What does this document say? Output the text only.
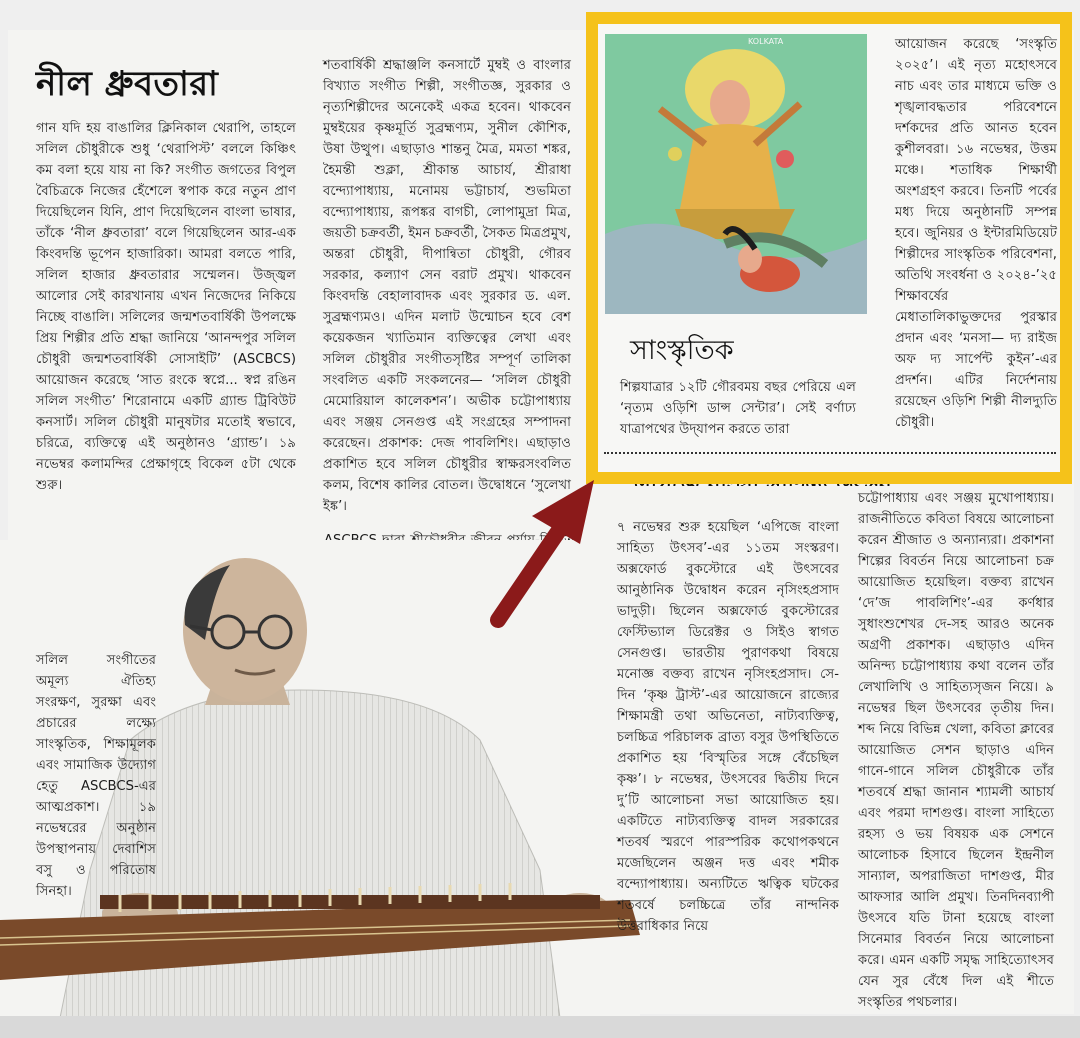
নীল ধ্রুবতারা

গান যদি হয় বাঙালির ক্লিনিকাল থেরাপি, তাহলে সলিল চৌধুরীকে শুধু ‘থেরাপিস্ট’ বললে কিঞ্চিৎ কম বলা হয়ে যায় না কি? সংগীত জগতের বিপুল বৈচিত্রকে নিজের হেঁশেলে স্বপাক করে নতুন প্রাণ দিয়েছিলেন যিনি, প্রাণ দিয়েছিলেন বাংলা ভাষার, তাঁকে ‘নীল ধ্রুবতারা’ বলে গিয়েছিলেন আর-এক কিংবদন্তি ভূপেন হাজারিকা। আমরা বলতে পারি, সলিল হাজার ধ্রুবতারার সম্মেলন। উজ্জ্বল আলোর সেই কারখানায় এখন নিজেদের নিকিয়ে নিচ্ছে বাঙালি। সলিলের জন্মশতবার্ষিকী উপলক্ষে প্রিয় শিল্পীর প্রতি শ্রদ্ধা জানিয়ে ‘আনন্দপুর সলিল চৌধুরী জন্মশতবার্ষিকী সোসাইটি’ (ASCBCS) আয়োজন করেছে ‘সাত রংকে স্বপ্নে... স্বপ্ন রঙিন সলিল সংগীত’ শিরোনামে একটি গ্র্যান্ড ট্রিবিউট কনসার্ট। সলিল চৌধুরী মানুষটার মতোই স্বভাবে, চরিত্রে, ব্যক্তিত্বে এই অনুষ্ঠানও ‘গ্র্যান্ড’। ১৯ নভেম্বর কলামন্দির প্রেক্ষাগৃহে বিকেল ৫টা থেকে শুরু।

শতবার্ষিকী শ্রদ্ধাঞ্জলি কনসার্টে মুম্বই ও বাংলার বিখ্যাত সংগীত শিল্পী, সংগীতজ্ঞ, সুরকার ও নৃত্যশিল্পীদের অনেকেই একত্র হবেন। থাকবেন মুম্বইয়ের কৃষ্ণমূর্তি সুব্রহ্মণ্যম, সুনীল কৌশিক, উষা উত্থুপ। এছাড়াও শান্তনু মৈত্র, মমতা শঙ্কর, হৈমন্তী শুক্লা, শ্রীকান্ত আচার্য, শ্রীরাধা বন্দ্যোপাধ্যায়, মনোময় ভট্টাচার্য, শুভমিতা বন্দ্যোপাধ্যায়, রূপঙ্কর বাগচী, লোপামুদ্রা মিত্র, জয়তী চক্রবর্তী, ইমন চক্রবর্তী, সৈকত মিত্রপ্রমুখ, অন্তরা চৌধুরী, দীপান্বিতা চৌধুরী, গৌরব সরকার, কল্যাণ সেন বরাট প্রমুখ। থাকবেন কিংবদন্তি বেহালাবাদক এবং সুরকার ড. এল. সুব্রহ্মণ্যমও। এদিন মলাট উন্মোচন হবে বেশ কয়েকজন খ্যাতিমান ব্যক্তিত্বের লেখা এবং সলিল চৌধুরীর সংগীতসৃষ্টির সম্পূর্ণ তালিকা সংবলিত একটি সংকলনের— ‘সলিল চৌধুরী মেমোরিয়াল কালেকশন’। অভীক চট্টোপাধ্যায় এবং সঞ্জয় সেনগুপ্ত এই সংগ্রহের সম্পাদনা করেছেন। প্রকাশক: দেজ পাবলিশিং। এছাড়াও প্রকাশিত হবে সলিল চৌধুরীর স্বাক্ষরসংবলিত কলম, বিশেষ কালির বোতল। উদ্বোধনে ‘সুলেখা ইঙ্ক’।

সলিল সংগীতের অমূল্য ঐতিহ্য সংরক্ষণ, সুরক্ষা এবং প্রচারের লক্ষ্যে সাংস্কৃতিক, শিক্ষামূলক এবং সামাজিক উদ্যোগ হেতু ASCBCS-এর আত্মপ্রকাশ। ১৯ নভেম্বরের অনুষ্ঠান উপস্থাপনায় দেবাশিস বসু ও পরিতোষ সিনহা।

৭ নভেম্বর শুরু হয়েছিল ‘এপিজে বাংলা সাহিত্য উৎসব’-এর ১১তম সংস্করণ। অক্সফোর্ড বুকস্টোরে এই উৎসবের আনুষ্ঠানিক উদ্বোধন করেন নৃসিংহপ্রসাদ ভাদুড়ী। ছিলেন অক্সফোর্ড বুকস্টোরের ফেস্টিভ্যাল ডিরেক্টর ও সিইও স্বাগত সেনগুপ্ত। ভারতীয় পুরাণকথা বিষয়ে মনোজ্ঞ বক্তব্য রাখেন নৃসিংহপ্রসাদ। সে-দিন ‘কৃষ্ণ ট্রাস্ট’-এর আয়োজনে রাজ্যের শিক্ষামন্ত্রী তথা অভিনেতা, নাট্যব্যক্তিত্ব, চলচ্চিত্র পরিচালক ব্রাত্য বসুর উপস্থিতিতে প্রকাশিত হয় ‘বিস্মৃতির সঙ্গে বেঁচেছিল কৃষ্ণ’। ৮ নভেম্বর, উৎসবের দ্বিতীয় দিনে দু’টি আলোচনা সভা আয়োজিত হয়। একটিতে নাট্যব্যক্তিত্ব বাদল সরকারের শতবর্ষ স্মরণে পারস্পরিক কথোপকথনে মজেছিলেন অঞ্জন দত্ত এবং শমীক বন্দ্যোপাধ্যায়। অন্যটিতে ঋত্বিক ঘটকের শতবর্ষে চলচ্চিত্রে তাঁর নান্দনিক উত্তরাধিকার নিয়ে

চট্টোপাধ্যায় এবং সঞ্জয় মুখোপাধ্যায়। রাজনীতিতে কবিতা বিষয়ে আলোচনা করেন শ্রীজাত ও অন্যান্যরা। প্রকাশনা শিল্পের বিবর্তন নিয়ে আলোচনা চক্র আয়োজিত হয়েছিল। বক্তব্য রাখেন ‘দে’জ পাবলিশিং’-এর কর্ণধার সুধাংশুশেখর দে-সহ আরও অনেক অগ্রণী প্রকাশক। এছাড়াও এদিন অনিন্দ্য চট্টোপাধ্যায় কথা বলেন তাঁর লেখালিখি ও সাহিত্যসৃজন নিয়ে। ৯ নভেম্বর ছিল উৎসবের তৃতীয় দিন। শব্দ নিয়ে বিভিন্ন খেলা, কবিতা ক্লাবের আয়োজিত সেশন ছাড়াও এদিন গানে-গানে সলিল চৌধুরীকে তাঁর শতবর্ষে শ্রদ্ধা জানান শ্যামলী আচার্য এবং পরমা দাশগুপ্ত। বাংলা সাহিত্যে রহস্য ও ভয় বিষয়ক এক সেশনে আলোচক হিসাবে ছিলেন ইন্দ্রনীল সান্যাল, অপরাজিতা দাশগুপ্ত, মীর আফসার আলি প্রমুখ। তিনদিনব্যাপী উৎসবে যতি টানা হয়েছে বাংলা সিনেমার বিবর্তন নিয়ে আলোচনা করে। এমন একটি সমৃদ্ধ সাহিত্যোৎসব যেন সুর বেঁধে দিল এই শীতে সংস্কৃতির পথচলার।

KOLKATA
সাংস্কৃতিক
শিল্পযাত্রার ১২টি গৌরবময় বছর পেরিয়ে এল ‘নৃত্যম ওড়িশি ডান্স সেন্টার’। সেই বর্ণাঢ্য যাত্রাপথের উদ্‌যাপন করতে তারা
আয়োজন করেছে ‘সংস্কৃতি ২০২৫’। এই নৃত্য মহোৎসবে নাচ এবং তার মাধ্যমে ভক্তি ও শৃঙ্খলাবদ্ধতার পরিবেশনে দর্শকদের প্রতি আনত হবেন কুশীলবরা। ১৬ নভেম্বর, উত্তম মঞ্চে। শতাধিক শিক্ষার্থী অংশগ্রহণ করবে। তিনটি পর্বের মধ্য দিয়ে অনুষ্ঠানটি সম্পন্ন হবে। জুনিয়র ও ইন্টারমিডিয়েট শিল্পীদের সাংস্কৃতিক পরিবেশনা, অতিথি সংবর্ধনা ও ২০২৪-’২৫ শিক্ষাবর্ষের মেধাতালিকাভুক্তদের পুরস্কার প্রদান এবং ‘মনসা— দ্য রাইজ অফ দ্য সার্পেন্ট কুইন’-এর প্রদর্শন। এটির নির্দেশনায় রয়েছেন ওড়িশি শিল্পী নীলদ্যুতি চৌধুরী।
